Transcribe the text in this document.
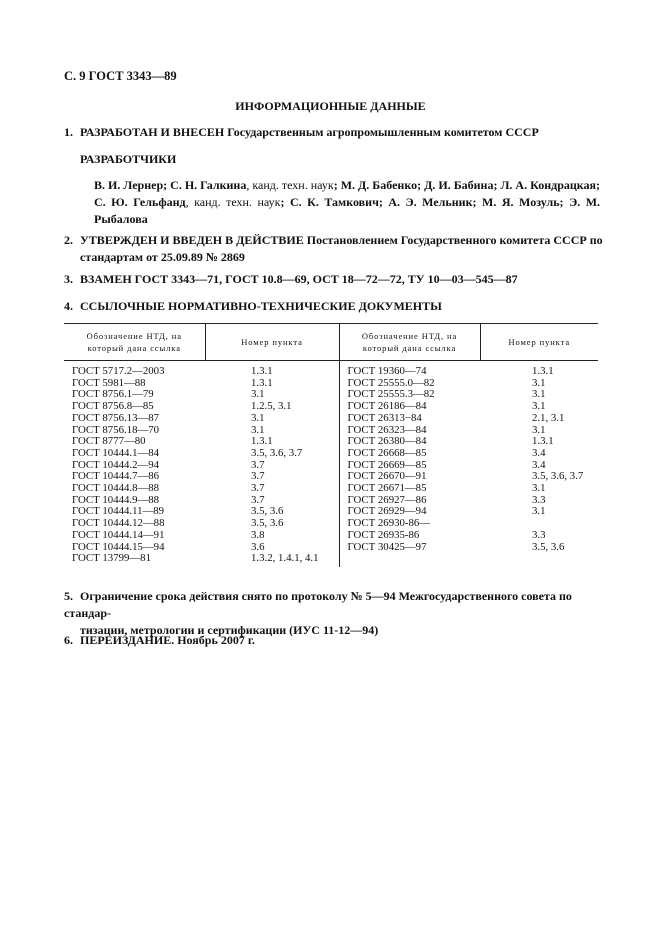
С. 9 ГОСТ 3343—89
ИНФОРМАЦИОННЫЕ ДАННЫЕ
1. РАЗРАБОТАН И ВНЕСЕН Государственным агропромышленным комитетом СССР
РАЗРАБОТЧИКИ
В. И. Лернер; С. Н. Галкина, канд. техн. наук; М. Д. Бабенко; Д. И. Бабина; Л. А. Кондрацкая; С. Ю. Гельфанд, канд. техн. наук; С. К. Тамкович; А. Э. Мельник; М. Я. Мозуль; Э. М. Рыбалова
2. УТВЕРЖДЕН И ВВЕДЕН В ДЕЙСТВИЕ Постановлением Государственного комитета СССР по
стандартам от 25.09.89 № 2869
3. ВЗАМЕН ГОСТ 3343—71, ГОСТ 10.8—69, ОСТ 18—72—72, ТУ 10—03—545—87
4. ССЫЛОЧНЫЕ НОРМАТИВНО-ТЕХНИЧЕСКИЕ ДОКУМЕНТЫ
Обозначение НТД, на
который дана ссылка	Номер пункта	Обозначение НТД, на
который дана ссылка	Номер пункта
ГОСТ 5717.2—2003	1.3.1	ГОСТ 19360—74	1.3.1
ГОСТ 5981—88	1.3.1	ГОСТ 25555.0—82	3.1
ГОСТ 8756.1—79	3.1	ГОСТ 25555.3—82	3.1
ГОСТ 8756.8—85	1.2.5, 3.1	ГОСТ 26186—84	3.1
ГОСТ 8756.13—87	3.1	ГОСТ 26313−84	2.1, 3.1
ГОСТ 8756.18—70	3.1	ГОСТ 26323—84	3.1
ГОСТ 8777—80	1.3.1	ГОСТ 26380—84	1.3.1
ГОСТ 10444.1—84	3.5, 3.6, 3.7	ГОСТ 26668—85	3.4
ГОСТ 10444.2—94	3.7	ГОСТ 26669—85	3.4
ГОСТ 10444.7—86	3.7	ГОСТ 26670—91	3.5, 3.6, 3.7
ГОСТ 10444.8—88	3.7	ГОСТ 26671—85	3.1
ГОСТ 10444.9—88	3.7	ГОСТ 26927—86	3.3
ГОСТ 10444.11—89	3.5, 3.6	ГОСТ 26929—94	3.1
ГОСТ 10444.12—88	3.5, 3.6	ГОСТ 26930-86—	
ГОСТ 10444.14—91	3.8	ГОСТ 26935-86	3.3
ГОСТ 10444.15—94	3.6	ГОСТ 30425—97	3.5, 3.6
ГОСТ 13799—81	1.3.2, 1.4.1, 4.1		
5. Ограничение срока действия снято по протоколу № 5—94 Межгосударственного совета по стандар-
тизации, метрологии и сертификации (ИУС 11-12—94)
6. ПЕРЕИЗДАНИЕ. Ноябрь 2007 г.
